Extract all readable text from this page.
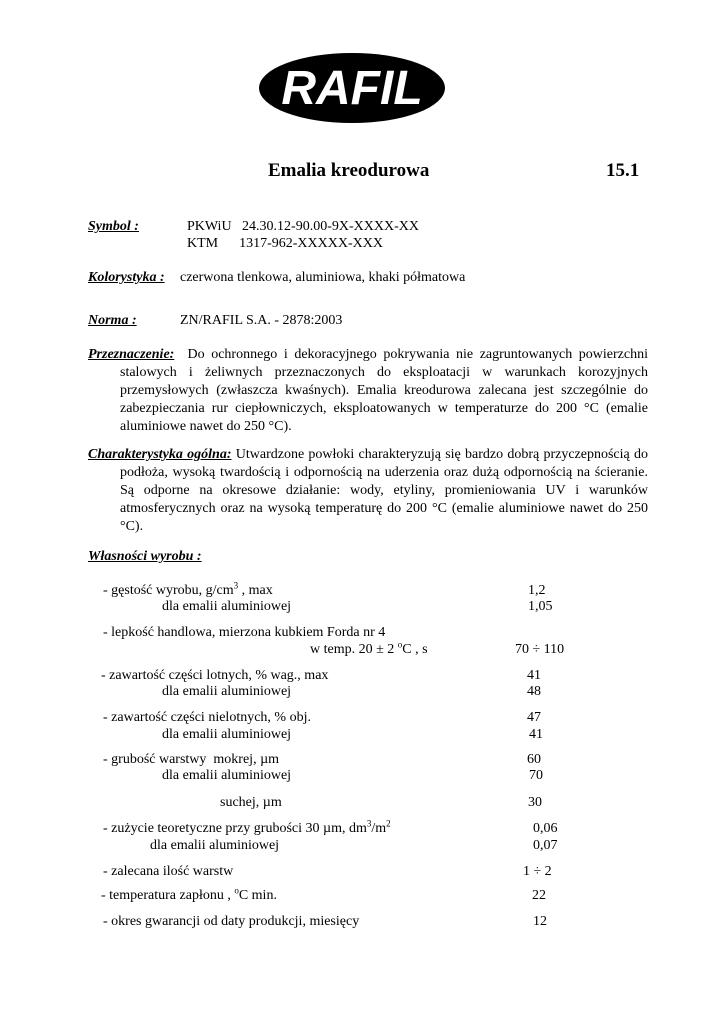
RAFIL
Emalia kreodurowa	15.1
Symbol :	PKWiU   24.30.12-90.00-9X-XXXX-XX
KTM      1317-962-XXXXX-XXX
Kolorystyka : czerwona tlenkowa, aluminiowa, khaki półmatowa
Norma :	ZN/RAFIL S.A. - 2878:2003
Przeznaczenie: Do ochronnego i dekoracyjnego pokrywania nie zagruntowanych powierzchni stalowych i żeliwnych przeznaczonych do eksploatacji w warunkach korozyjnych przemysłowych (zwłaszcza kwaśnych). Emalia kreodurowa zalecana jest szczególnie do zabezpieczania rur ciepłowniczych, eksploatowanych w temperaturze do 200 °C (emalie aluminiowe nawet do 250 °C).
Charakterystyka ogólna: Utwardzone powłoki charakteryzują się bardzo dobrą przyczepnością do podłoża, wysoką twardością i odpornością na uderzenia oraz dużą odpornością na ścieranie. Są odporne na okresowe działanie: wody, etyliny, promieniowania UV i warunków atmosferycznych oraz na wysoką temperaturę do 200 °C (emalie aluminiowe nawet do 250 °C).
Własności wyrobu :
- gęstość wyrobu, $g/cm^3$ , max	1,2
dla emalii aluminiowej	1,05
- lepkość handlowa, mierzona kubkiem Forda nr 4
w temp. 20 ± 2 $^o$C , s	70 ÷ 110
- zawartość części lotnych, % wag., max	41
dla emalii aluminiowej	48
- zawartość części nielotnych, % obj.	47
dla emalii aluminiowej	41
- grubość warstwy  mokrej, µm	60
dla emalii aluminiowej	70
suchej, µm	30
- zużycie teoretyczne przy grubości 30 µm, $dm^3/m^2$	0,06
dla emalii aluminiowej	0,07
- zalecana ilość warstw	1 ÷ 2
- temperatura zapłonu , $^o$C min.	22
- okres gwarancji od daty produkcji, miesięcy	12
